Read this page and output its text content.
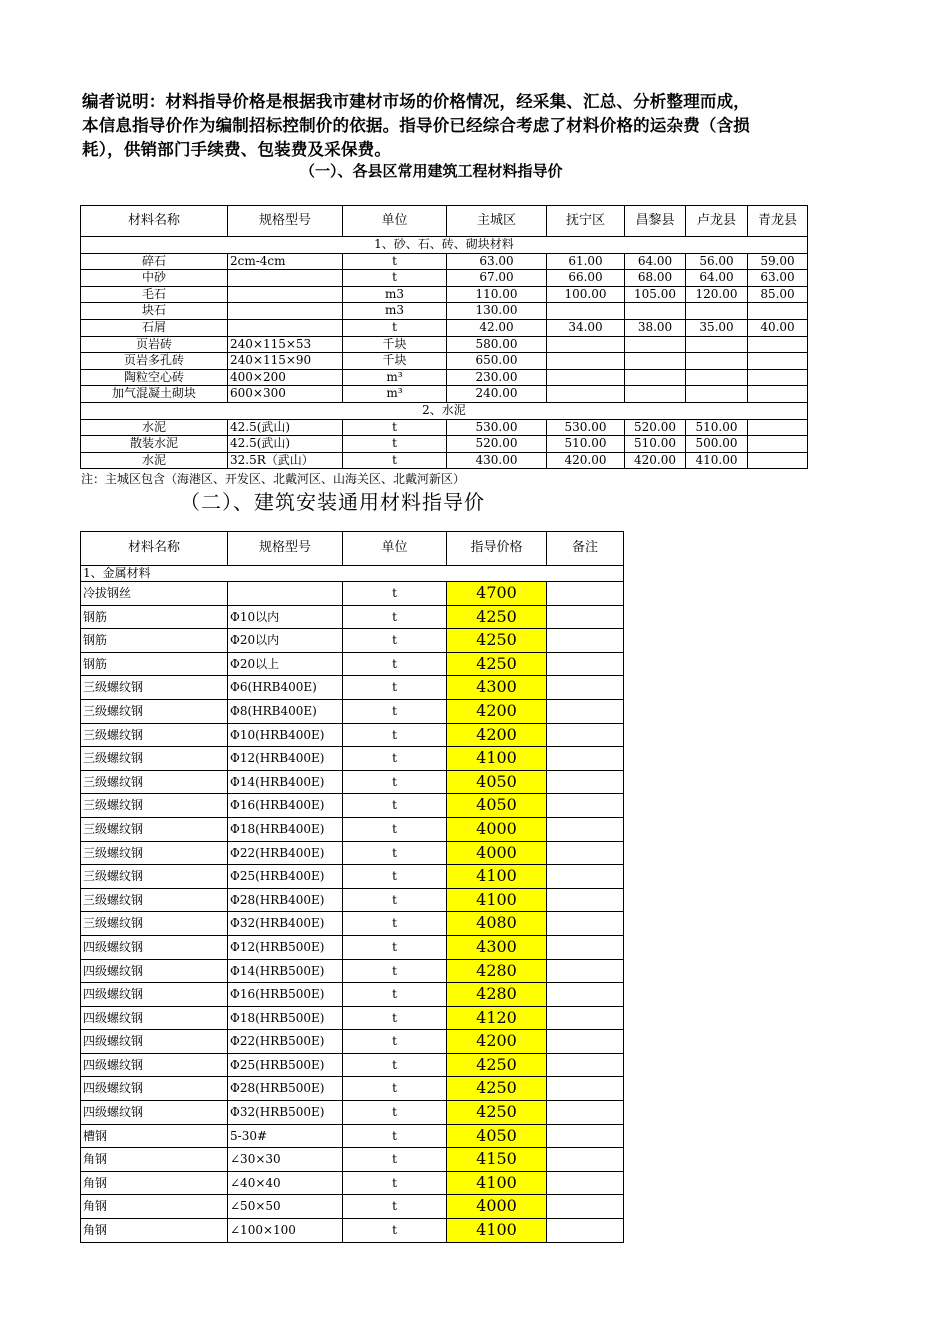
编者说明：材料指导价格是根据我市建材市场的价格情况，经采集、汇总、分析整理而成，

本信息指导价作为编制招标控制价的依据。指导价已经综合考虑了材料价格的运杂费（含损

耗），供销部门手续费、包装费及采保费。

（一）、各县区常用建筑工程材料指导价
材料名称	规格型号	单位	主城区	抚宁区	昌黎县	卢龙县	青龙县
1、砂、石、砖、砌块材料							
碎石	2cm-4cm	t	63.00	61.00	64.00	56.00	59.00
中砂		t	67.00	66.00	68.00	64.00	63.00
毛石		m3	110.00	100.00	105.00	120.00	85.00
块石		m3	130.00				
石屑		t	42.00	34.00	38.00	35.00	40.00
页岩砖	240×115×53	千块	580.00				
页岩多孔砖	240×115×90	千块	650.00				
陶粒空心砖	400×200	m³	230.00				
加气混凝土砌块	600×300	m³	240.00				
2、水泥							
水泥	42.5(武山)	t	530.00	530.00	520.00	510.00	
散装水泥	42.5(武山)	t	520.00	510.00	510.00	500.00	
水泥	32.5R（武山）	t	430.00	420.00	420.00	410.00	
注：主城区包含（海港区、开发区、北戴河区、山海关区、北戴河新区）
（二）、建筑安装通用材料指导价
材料名称	规格型号	单位	指导价格	备注
1、金属材料				
冷拔钢丝		t	4700	
钢筋	Φ10以内	t	4250	
钢筋	Φ20以内	t	4250	
钢筋	Φ20以上	t	4250	
三级螺纹钢	Φ6(HRB400E)	t	4300	
三级螺纹钢	Φ8(HRB400E)	t	4200	
三级螺纹钢	Φ10(HRB400E)	t	4200	
三级螺纹钢	Φ12(HRB400E)	t	4100	
三级螺纹钢	Φ14(HRB400E)	t	4050	
三级螺纹钢	Φ16(HRB400E)	t	4050	
三级螺纹钢	Φ18(HRB400E)	t	4000	
三级螺纹钢	Φ22(HRB400E)	t	4000	
三级螺纹钢	Φ25(HRB400E)	t	4100	
三级螺纹钢	Φ28(HRB400E)	t	4100	
三级螺纹钢	Φ32(HRB400E)	t	4080	
四级螺纹钢	Φ12(HRB500E)	t	4300	
四级螺纹钢	Φ14(HRB500E)	t	4280	
四级螺纹钢	Φ16(HRB500E)	t	4280	
四级螺纹钢	Φ18(HRB500E)	t	4120	
四级螺纹钢	Φ22(HRB500E)	t	4200	
四级螺纹钢	Φ25(HRB500E)	t	4250	
四级螺纹钢	Φ28(HRB500E)	t	4250	
四级螺纹钢	Φ32(HRB500E)	t	4250	
槽钢	5-30#	t	4050	
角钢	∠30×30	t	4150	
角钢	∠40×40	t	4100	
角钢	∠50×50	t	4000	
角钢	∠100×100	t	4100	
